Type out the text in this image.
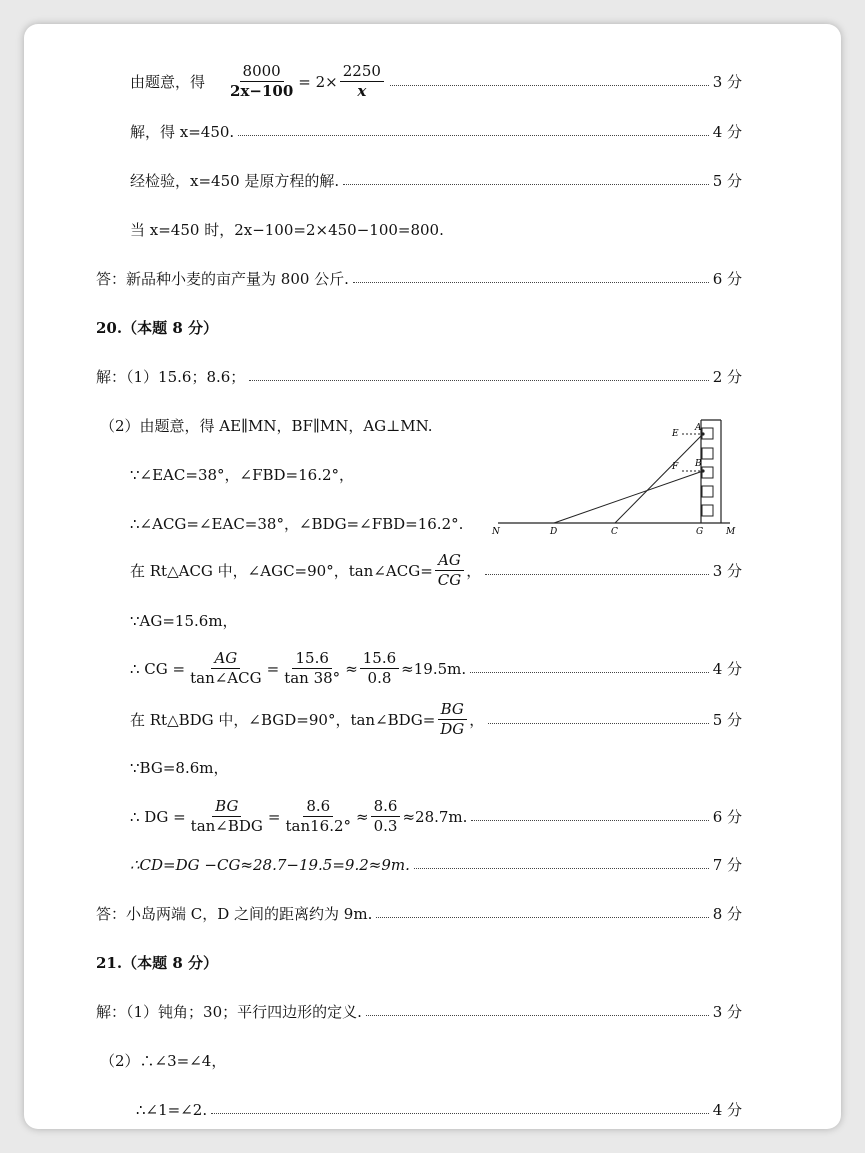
由题意，得 $\frac{8000}{2x-100} = 2\times \frac{2250}{x}$	3 分
解，得 x=450.	4 分
经检验，x=450 是原方程的解.	5 分
当 x=450 时，2x−100=2×450−100=800.
答：新品种小麦的亩产量为 800 公斤.	6 分
20.（本题 8 分）
解：（1）15.6；8.6；	2 分
（2）由题意，得 AE∥MN，BF∥MN，AG⊥MN.
∵∠EAC=38°，∠FBD=16.2°，
∴∠ACG=∠EAC=38°，∠BDG=∠FBD=16.2°.
E
A
F B
N	D	C	G	M
在 Rt△ACG 中，∠AGC=90°，tan∠ACG= $\frac{AG}{CG}$ ，	3 分
∵AG=15.6m，
∴ CG = $\frac{AG}{\text{tan∠ACG}} = \frac{15.6}{\tan 38^\circ} \approx \frac{15.6}{0.8} \approx 19.5m$.	4 分
在 Rt△BDG 中，∠BGD=90°，tan∠BDG= $\frac{BG}{DG}$ ，	5 分
∵BG=8.6m，
∴ DG = $\frac{BG}{\text{tan∠BDG}} = \frac{8.6}{\tan 16.2^\circ} \approx \frac{8.6}{0.3} \approx 28.7m$.	6 分
∴CD=DG −CG≈28.7−19.5=9.2≈9m.	7 分
答：小岛两端 C，D 之间的距离约为 9m.	8 分
21.（本题 8 分）
解：（1）钝角；30；平行四边形的定义.	3 分
（2）∴∠3=∠4，
∴∠1=∠2.	4 分
